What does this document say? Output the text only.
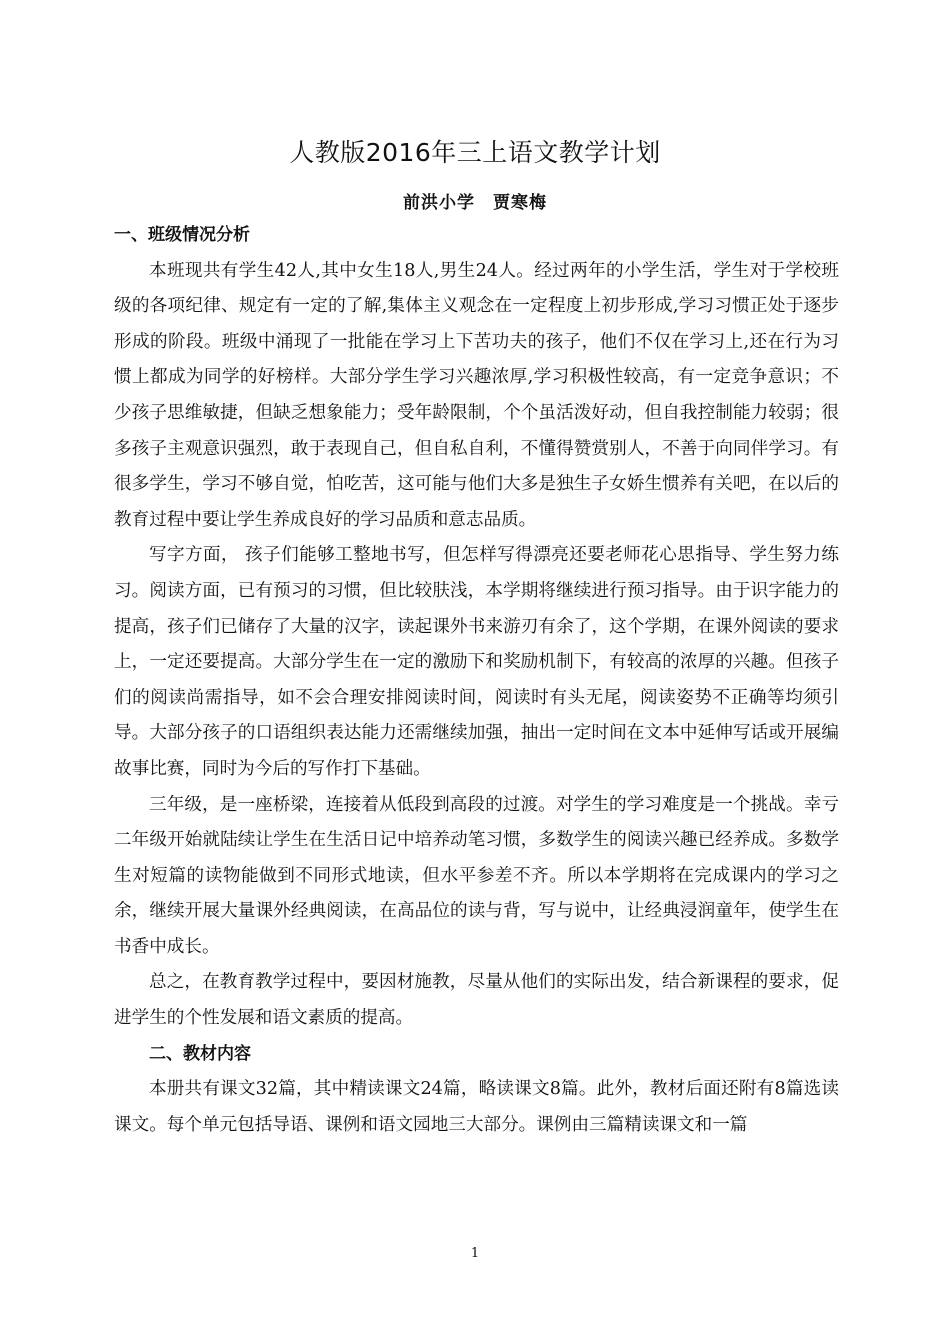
人教版2016年三上语文教学计划
前洪小学　贾寒梅
一、班级情况分析

本班现共有学生42人,其中女生18人,男生24人。经过两年的小学生活，学生对于学校班级的各项纪律、规定有一定的了解,集体主义观念在一定程度上初步形成,学习习惯正处于逐步形成的阶段。班级中涌现了一批能在学习上下苦功夫的孩子，他们不仅在学习上,还在行为习惯上都成为同学的好榜样。大部分学生学习兴趣浓厚,学习积极性较高，有一定竞争意识；不少孩子思维敏捷，但缺乏想象能力；受年龄限制，个个虽活泼好动，但自我控制能力较弱；很多孩子主观意识强烈，敢于表现自己，但自私自利，不懂得赞赏别人，不善于向同伴学习。有很多学生，学习不够自觉，怕吃苦，这可能与他们大多是独生子女娇生惯养有关吧，在以后的教育过程中要让学生养成良好的学习品质和意志品质。

写字方面， 孩子们能够工整地书写，但怎样写得漂亮还要老师花心思指导、学生努力练习。阅读方面，已有预习的习惯，但比较肤浅，本学期将继续进行预习指导。由于识字能力的提高，孩子们已储存了大量的汉字，读起课外书来游刃有余了，这个学期，在课外阅读的要求上，一定还要提高。大部分学生在一定的激励下和奖励机制下，有较高的浓厚的兴趣。但孩子们的阅读尚需指导，如不会合理安排阅读时间，阅读时有头无尾，阅读姿势不正确等均须引导。大部分孩子的口语组织表达能力还需继续加强，抽出一定时间在文本中延伸写话或开展编故事比赛，同时为今后的写作打下基础。

三年级，是一座桥梁，连接着从低段到高段的过渡。对学生的学习难度是一个挑战。幸亏二年级开始就陆续让学生在生活日记中培养动笔习惯，多数学生的阅读兴趣已经养成。多数学生对短篇的读物能做到不同形式地读，但水平参差不齐。所以本学期将在完成课内的学习之余，继续开展大量课外经典阅读，在高品位的读与背，写与说中，让经典浸润童年，使学生在书香中成长。

总之，在教育教学过程中，要因材施教，尽量从他们的实际出发，结合新课程的要求，促进学生的个性发展和语文素质的提高。

二、教材内容

本册共有课文32篇，其中精读课文24篇，略读课文8篇。此外，教材后面还附有8篇选读课文。每个单元包括导语、课例和语文园地三大部分。课例由三篇精读课文和一篇

1
